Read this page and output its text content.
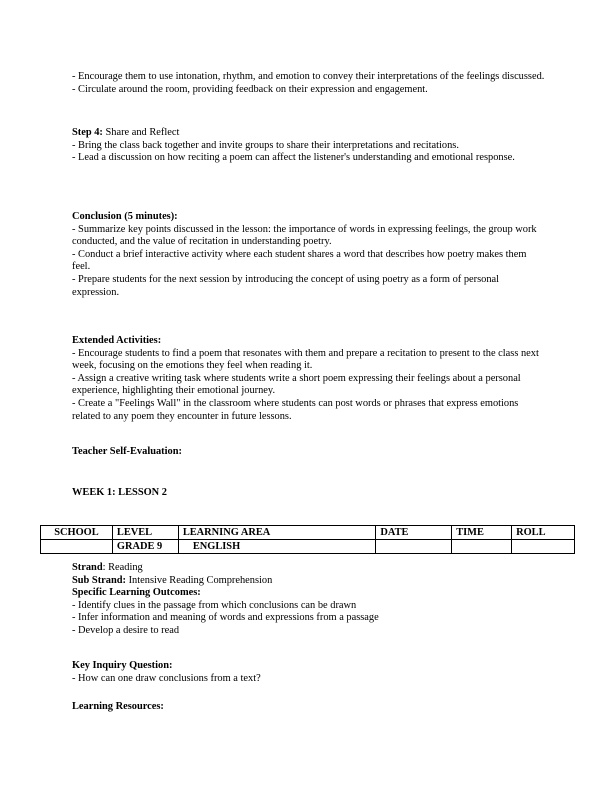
- Encourage them to use intonation, rhythm, and emotion to convey their interpretations of the feelings discussed.

- Circulate around the room, providing feedback on their expression and engagement.

Step 4: Share and Reflect

- Bring the class back together and invite groups to share their interpretations and recitations.

- Lead a discussion on how reciting a poem can affect the listener's understanding and emotional response.

Conclusion (5 minutes):

- Summarize key points discussed in the lesson: the importance of words in expressing feelings, the group work conducted, and the value of recitation in understanding poetry.

- Conduct a brief interactive activity where each student shares a word that describes how poetry makes them feel.

- Prepare students for the next session by introducing the concept of using poetry as a form of personal expression.

Extended Activities:

- Encourage students to find a poem that resonates with them and prepare a recitation to present to the class next week, focusing on the emotions they feel when reading it.

- Assign a creative writing task where students write a short poem expressing their feelings about a personal experience, highlighting their emotional journey.

- Create a "Feelings Wall" in the classroom where students can post words or phrases that express emotions related to any poem they encounter in future lessons.

Teacher Self-Evaluation:

WEEK 1: LESSON 2

SCHOOL	LEVEL	LEARNING AREA	DATE	TIME	ROLL
	GRADE 9	ENGLISH			

Strand: Reading

Sub Strand: Intensive Reading Comprehension

Specific Learning Outcomes:

- Identify clues in the passage from which conclusions can be drawn

- Infer information and meaning of words and expressions from a passage

- Develop a desire to read

Key Inquiry Question:

- How can one draw conclusions from a text?

Learning Resources:
